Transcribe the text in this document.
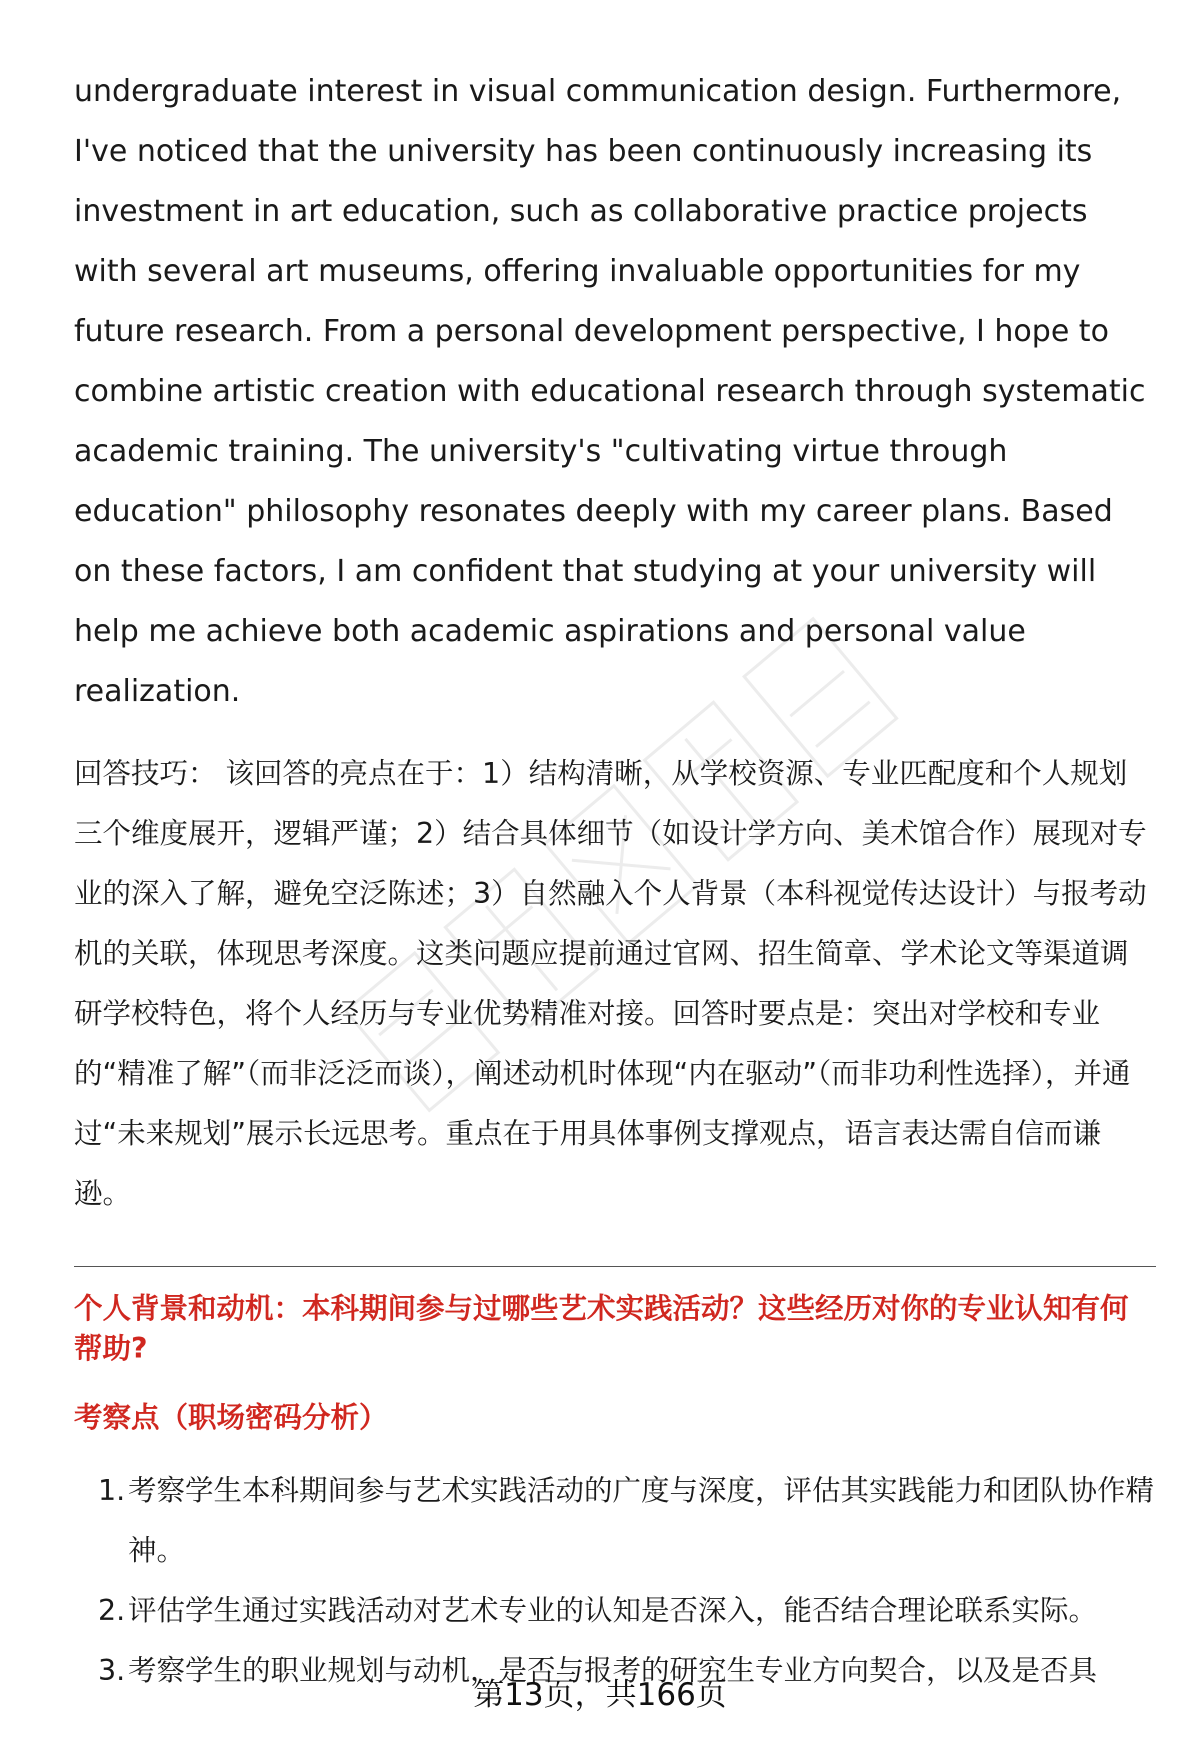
undergraduate interest in visual communication design. Furthermore, I've noticed that the university has been continuously increasing its investment in art education, such as collaborative practice projects with several art museums, offering invaluable opportunities for my future research. From a personal development perspective, I hope to combine artistic creation with educational research through systematic academic training. The university's "cultivating virtue through education" philosophy resonates deeply with my career plans. Based on these factors, I am confident that studying at your university will help me achieve both academic aspirations and personal value realization.

回答技巧： 该回答的亮点在于：1）结构清晰，从学校资源、专业匹配度和个人规划三个维度展开，逻辑严谨；2）结合具体细节（如设计学方向、美术馆合作）展现对专业的深入了解，避免空泛陈述；3）自然融入个人背景（本科视觉传达设计）与报考动机的关联，体现思考深度。这类问题应提前通过官网、招生简章、学术论文等渠道调研学校特色，将个人经历与专业优势精准对接。回答时要点是：突出对学校和专业的“精准了解”（而非泛泛而谈），阐述动机时体现“内在驱动”（而非功利性选择），并通过“未来规划”展示长远思考。重点在于用具体事例支撑观点，语言表达需自信而谦逊。

个人背景和动机：本科期间参与过哪些艺术实践活动？这些经历对你的专业认知有何帮助?
考察点（职场密码分析）
1. 考察学生本科期间参与艺术实践活动的广度与深度，评估其实践能力和团队协作精神。
2. 评估学生通过实践活动对艺术专业的认知是否深入，能否结合理论联系实际。
3. 考察学生的职业规划与动机，是否与报考的研究生专业方向契合，以及是否具
第13页，共166页
